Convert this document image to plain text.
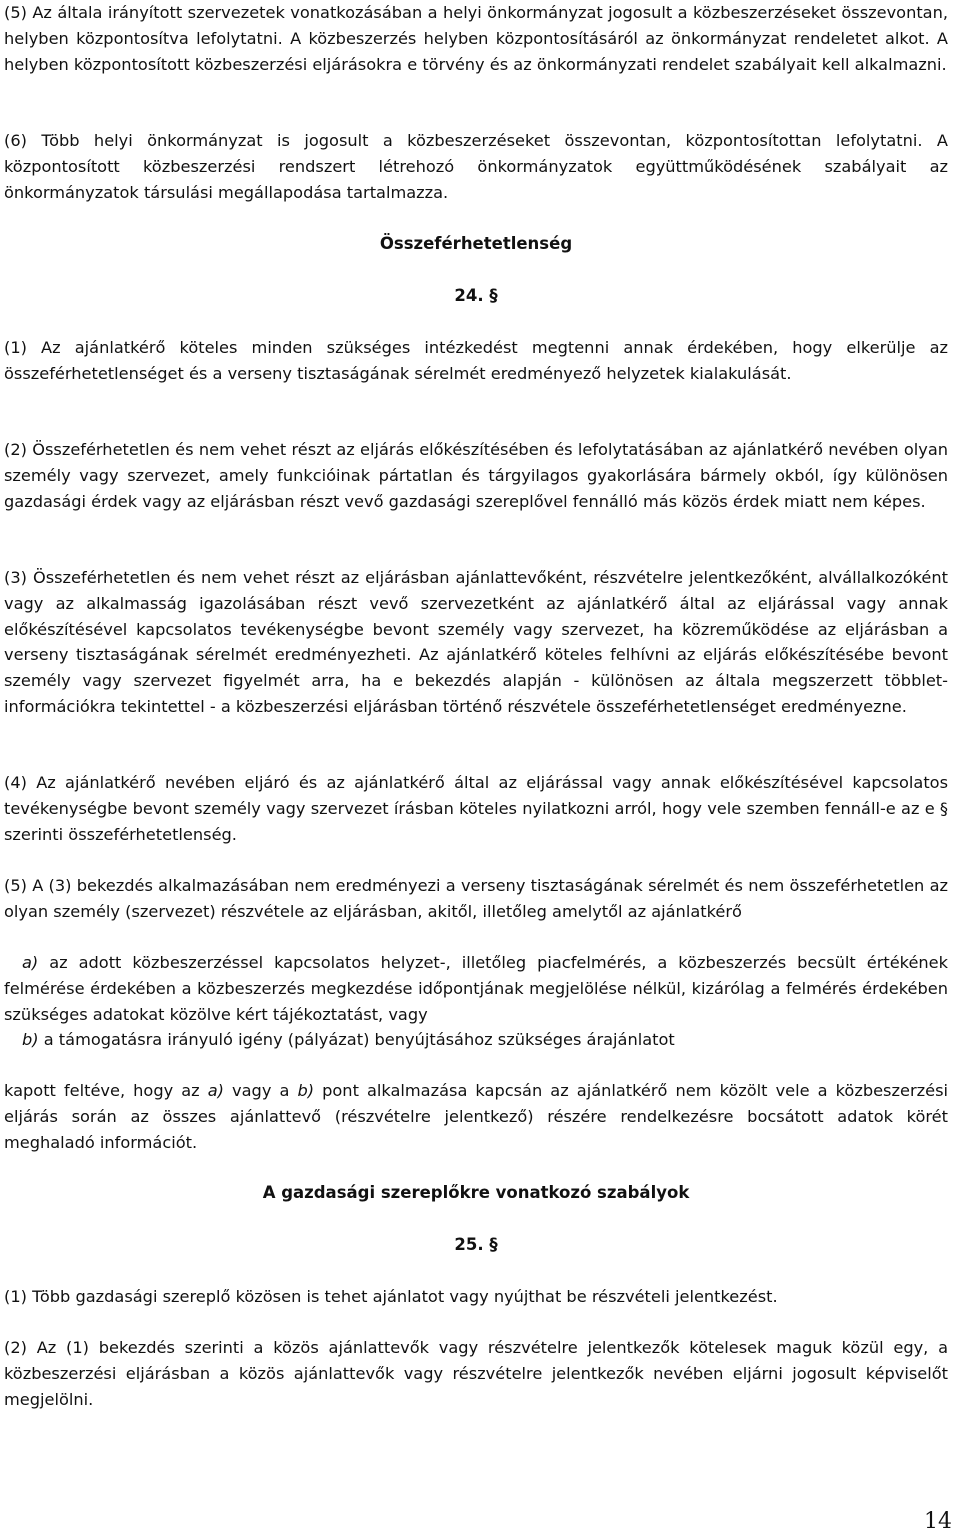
(5) Az általa irányított szervezetek vonatkozásában a helyi önkormányzat jogosult a közbeszerzéseket összevontan, helyben központosítva lefolytatni. A közbeszerzés helyben központosításáról az önkormányzat rendeletet alkot. A helyben központosított közbeszerzési eljárásokra e törvény és az önkormányzati rendelet szabályait kell alkalmazni.

(6) Több helyi önkormányzat is jogosult a közbeszerzéseket összevontan, központosítottan lefolytatni. A központosított közbeszerzési rendszert létrehozó önkormányzatok együttműködésének szabályait az önkormányzatok társulási megállapodása tartalmazza.

Összeférhetetlenség
24. §

(1) Az ajánlatkérő köteles minden szükséges intézkedést megtenni annak érdekében, hogy elkerülje az összeférhetetlenséget és a verseny tisztaságának sérelmét eredményező helyzetek kialakulását.

(2) Összeférhetetlen és nem vehet részt az eljárás előkészítésében és lefolytatásában az ajánlatkérő nevében olyan személy vagy szervezet, amely funkcióinak pártatlan és tárgyilagos gyakorlására bármely okból, így különösen gazdasági érdek vagy az eljárásban részt vevő gazdasági szereplővel fennálló más közös érdek miatt nem képes.

(3) Összeférhetetlen és nem vehet részt az eljárásban ajánlattevőként, részvételre jelentkezőként, alvállalkozóként vagy az alkalmasság igazolásában részt vevő szervezetként az ajánlatkérő által az eljárással vagy annak előkészítésével kapcsolatos tevékenységbe bevont személy vagy szervezet, ha közreműködése az eljárásban a verseny tisztaságának sérelmét eredményezheti. Az ajánlatkérő köteles felhívni az eljárás előkészítésébe bevont személy vagy szervezet figyelmét arra, ha e bekezdés alapján - különösen az általa megszerzett többlet-információkra tekintettel - a közbeszerzési eljárásban történő részvétele összeférhetetlenséget eredményezne.

(4) Az ajánlatkérő nevében eljáró és az ajánlatkérő által az eljárással vagy annak előkészítésével kapcsolatos tevékenységbe bevont személy vagy szervezet írásban köteles nyilatkozni arról, hogy vele szemben fennáll-e az e § szerinti összeférhetetlenség.

(5) A (3) bekezdés alkalmazásában nem eredményezi a verseny tisztaságának sérelmét és nem összeférhetetlen az olyan személy (szervezet) részvétele az eljárásban, akitől, illetőleg amelytől az ajánlatkérő

a) az adott közbeszerzéssel kapcsolatos helyzet-, illetőleg piacfelmérés, a közbeszerzés becsült értékének felmérése érdekében a közbeszerzés megkezdése időpontjának megjelölése nélkül, kizárólag a felmérés érdekében szükséges adatokat közölve kért tájékoztatást, vagy

b) a támogatásra irányuló igény (pályázat) benyújtásához szükséges árajánlatot

kapott feltéve, hogy az a) vagy a b) pont alkalmazása kapcsán az ajánlatkérő nem közölt vele a közbeszerzési eljárás során az összes ajánlattevő (részvételre jelentkező) részére rendelkezésre bocsátott adatok körét meghaladó információt.

A gazdasági szereplőkre vonatkozó szabályok
25. §

(1) Több gazdasági szereplő közösen is tehet ajánlatot vagy nyújthat be részvételi jelentkezést.

(2) Az (1) bekezdés szerinti a közös ajánlattevők vagy részvételre jelentkezők kötelesek maguk közül egy, a közbeszerzési eljárásban a közös ajánlattevők vagy részvételre jelentkezők nevében eljárni jogosult képviselőt megjelölni.

14
